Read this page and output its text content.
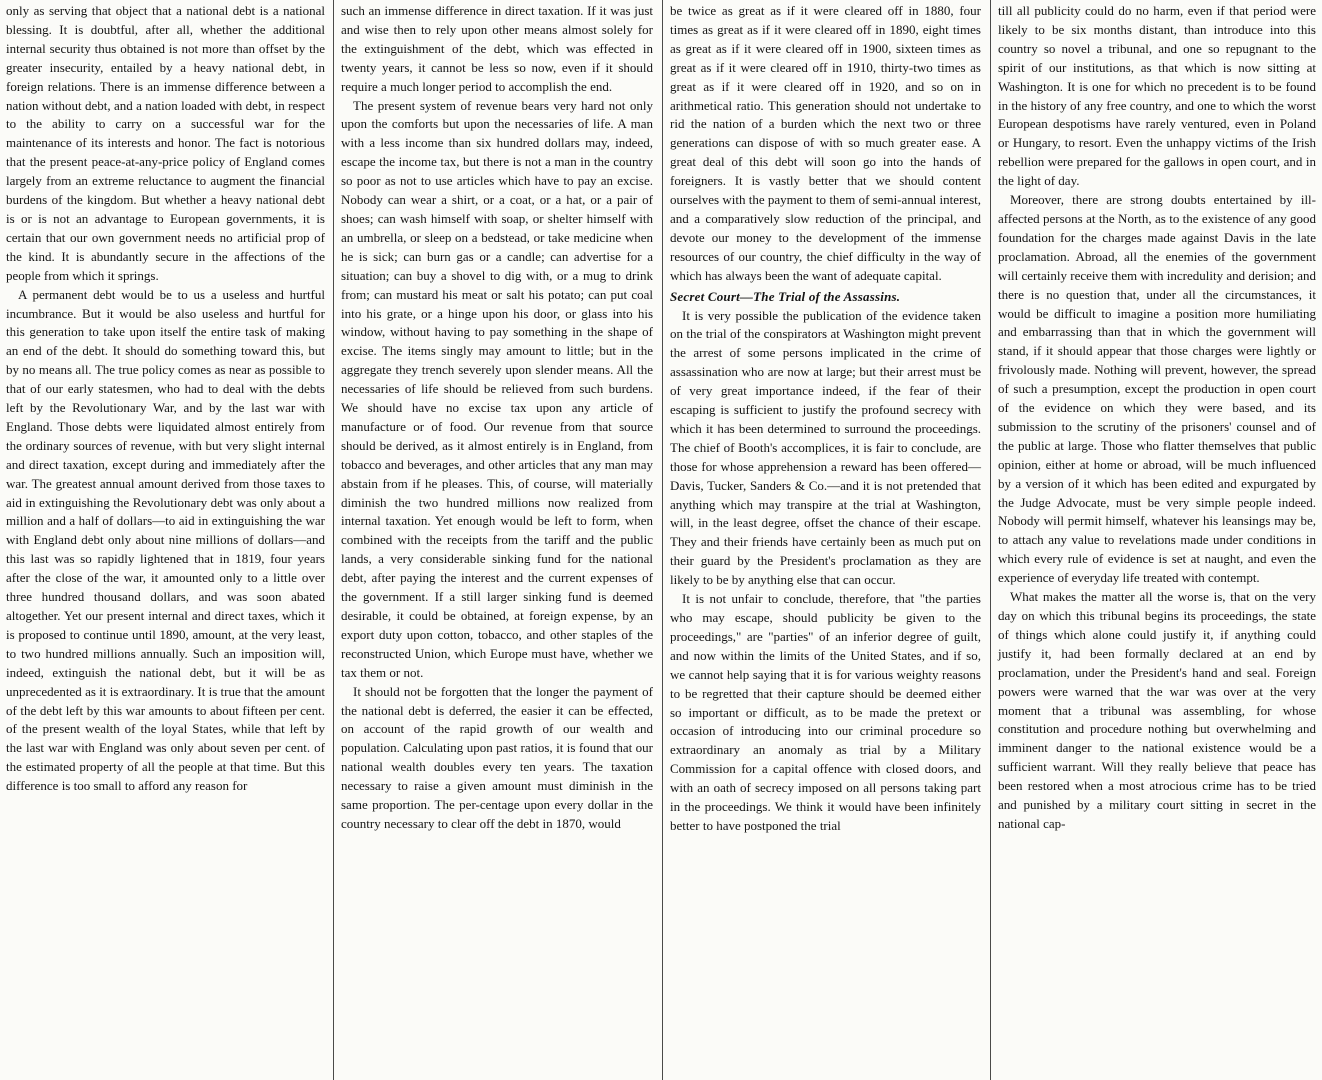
only as serving that object that a national debt is a national blessing. It is doubtful, after all, whether the additional internal security thus obtained is not more than offset by the greater insecurity, entailed by a heavy national debt, in foreign relations. There is an immense difference between a nation without debt, and a nation loaded with debt, in respect to the ability to carry on a successful war for the maintenance of its interests and honor. The fact is notorious that the present peace-at-any-price policy of England comes largely from an extreme reluctance to augment the financial burdens of the kingdom. But whether a heavy national debt is or is not an advantage to European governments, it is certain that our own government needs no artificial prop of the kind. It is abundantly secure in the affections of the people from which it springs.

A permanent debt would be to us a useless and hurtful incumbrance. But it would be also useless and hurtful for this generation to take upon itself the entire task of making an end of the debt. It should do something toward this, but by no means all. The true policy comes as near as possible to that of our early statesmen, who had to deal with the debts left by the Revolutionary War, and by the last war with England. Those debts were liquidated almost entirely from the ordinary sources of revenue, with but very slight internal and direct taxation, except during and immediately after the war. The greatest annual amount derived from those taxes to aid in extinguishing the Revolutionary debt was only about a million and a half of dollars—to aid in extinguishing the war with England debt only about nine millions of dollars—and this last was so rapidly lightened that in 1819, four years after the close of the war, it amounted only to a little over three hundred thousand dollars, and was soon abated altogether. Yet our present internal and direct taxes, which it is proposed to continue until 1890, amount, at the very least, to two hundred millions annually. Such an imposition will, indeed, extinguish the national debt, but it will be as unprecedented as it is extraordinary. It is true that the amount of the debt left by this war amounts to about fifteen per cent. of the present wealth of the loyal States, while that left by the last war with England was only about seven per cent. of the estimated property of all the people at that time. But this difference is too small to afford any reason for

such an immense difference in direct taxation. If it was just and wise then to rely upon other means almost solely for the extinguishment of the debt, which was effected in twenty years, it cannot be less so now, even if it should require a much longer period to accomplish the end.

The present system of revenue bears very hard not only upon the comforts but upon the necessaries of life. A man with a less income than six hundred dollars may, indeed, escape the income tax, but there is not a man in the country so poor as not to use articles which have to pay an excise. Nobody can wear a shirt, or a coat, or a hat, or a pair of shoes; can wash himself with soap, or shelter himself with an umbrella, or sleep on a bedstead, or take medicine when he is sick; can burn gas or a candle; can advertise for a situation; can buy a shovel to dig with, or a mug to drink from; can mustard his meat or salt his potato; can put coal into his grate, or a hinge upon his door, or glass into his window, without having to pay something in the shape of excise. The items singly may amount to little; but in the aggregate they trench severely upon slender means. All the necessaries of life should be relieved from such burdens. We should have no excise tax upon any article of manufacture or of food. Our revenue from that source should be derived, as it almost entirely is in England, from tobacco and beverages, and other articles that any man may abstain from if he pleases. This, of course, will materially diminish the two hundred millions now realized from internal taxation. Yet enough would be left to form, when combined with the receipts from the tariff and the public lands, a very considerable sinking fund for the national debt, after paying the interest and the current expenses of the government. If a still larger sinking fund is deemed desirable, it could be obtained, at foreign expense, by an export duty upon cotton, tobacco, and other staples of the reconstructed Union, which Europe must have, whether we tax them or not.

It should not be forgotten that the longer the payment of the national debt is deferred, the easier it can be effected, on account of the rapid growth of our wealth and population. Calculating upon past ratios, it is found that our national wealth doubles every ten years. The taxation necessary to raise a given amount must diminish in the same proportion. The per-centage upon every dollar in the country necessary to clear off the debt in 1870, would

be twice as great as if it were cleared off in 1880, four times as great as if it were cleared off in 1890, eight times as great as if it were cleared off in 1900, sixteen times as great as if it were cleared off in 1910, thirty-two times as great as if it were cleared off in 1920, and so on in arithmetical ratio. This generation should not undertake to rid the nation of a burden which the next two or three generations can dispose of with so much greater ease. A great deal of this debt will soon go into the hands of foreigners. It is vastly better that we should content ourselves with the payment to them of semi-annual interest, and a comparatively slow reduction of the principal, and devote our money to the development of the immense resources of our country, the chief difficulty in the way of which has always been the want of adequate capital.

Secret Court—The Trial of the Assassins.

It is very possible the publication of the evidence taken on the trial of the conspirators at Washington might prevent the arrest of some persons implicated in the crime of assassination who are now at large; but their arrest must be of very great importance indeed, if the fear of their escaping is sufficient to justify the profound secrecy with which it has been determined to surround the proceedings. The chief of Booth's accomplices, it is fair to conclude, are those for whose apprehension a reward has been offered—Davis, Tucker, Sanders & Co.—and it is not pretended that anything which may transpire at the trial at Washington, will, in the least degree, offset the chance of their escape. They and their friends have certainly been as much put on their guard by the President's proclamation as they are likely to be by anything else that can occur.

It is not unfair to conclude, therefore, that "the parties who may escape, should publicity be given to the proceedings," are "parties" of an inferior degree of guilt, and now within the limits of the United States, and if so, we cannot help saying that it is for various weighty reasons to be regretted that their capture should be deemed either so important or difficult, as to be made the pretext or occasion of introducing into our criminal procedure so extraordinary an anomaly as trial by a Military Commission for a capital offence with closed doors, and with an oath of secrecy imposed on all persons taking part in the proceedings. We think it would have been infinitely better to have postponed the trial

till all publicity could do no harm, even if that period were likely to be six months distant, than introduce into this country so novel a tribunal, and one so repugnant to the spirit of our institutions, as that which is now sitting at Washington. It is one for which no precedent is to be found in the history of any free country, and one to which the worst European despotisms have rarely ventured, even in Poland or Hungary, to resort. Even the unhappy victims of the Irish rebellion were prepared for the gallows in open court, and in the light of day.

Moreover, there are strong doubts entertained by ill-affected persons at the North, as to the existence of any good foundation for the charges made against Davis in the late proclamation. Abroad, all the enemies of the government will certainly receive them with incredulity and derision; and there is no question that, under all the circumstances, it would be difficult to imagine a position more humiliating and embarrassing than that in which the government will stand, if it should appear that those charges were lightly or frivolously made. Nothing will prevent, however, the spread of such a presumption, except the production in open court of the evidence on which they were based, and its submission to the scrutiny of the prisoners' counsel and of the public at large. Those who flatter themselves that public opinion, either at home or abroad, will be much influenced by a version of it which has been edited and expurgated by the Judge Advocate, must be very simple people indeed. Nobody will permit himself, whatever his leansings may be, to attach any value to revelations made under conditions in which every rule of evidence is set at naught, and even the experience of everyday life treated with contempt.

What makes the matter all the worse is, that on the very day on which this tribunal begins its proceedings, the state of things which alone could justify it, if anything could justify it, had been formally declared at an end by proclamation, under the President's hand and seal. Foreign powers were warned that the war was over at the very moment that a tribunal was assembling, for whose constitution and procedure nothing but overwhelming and imminent danger to the national existence would be a sufficient warrant. Will they really believe that peace has been restored when a most atrocious crime has to be tried and punished by a military court sitting in secret in the national cap-
